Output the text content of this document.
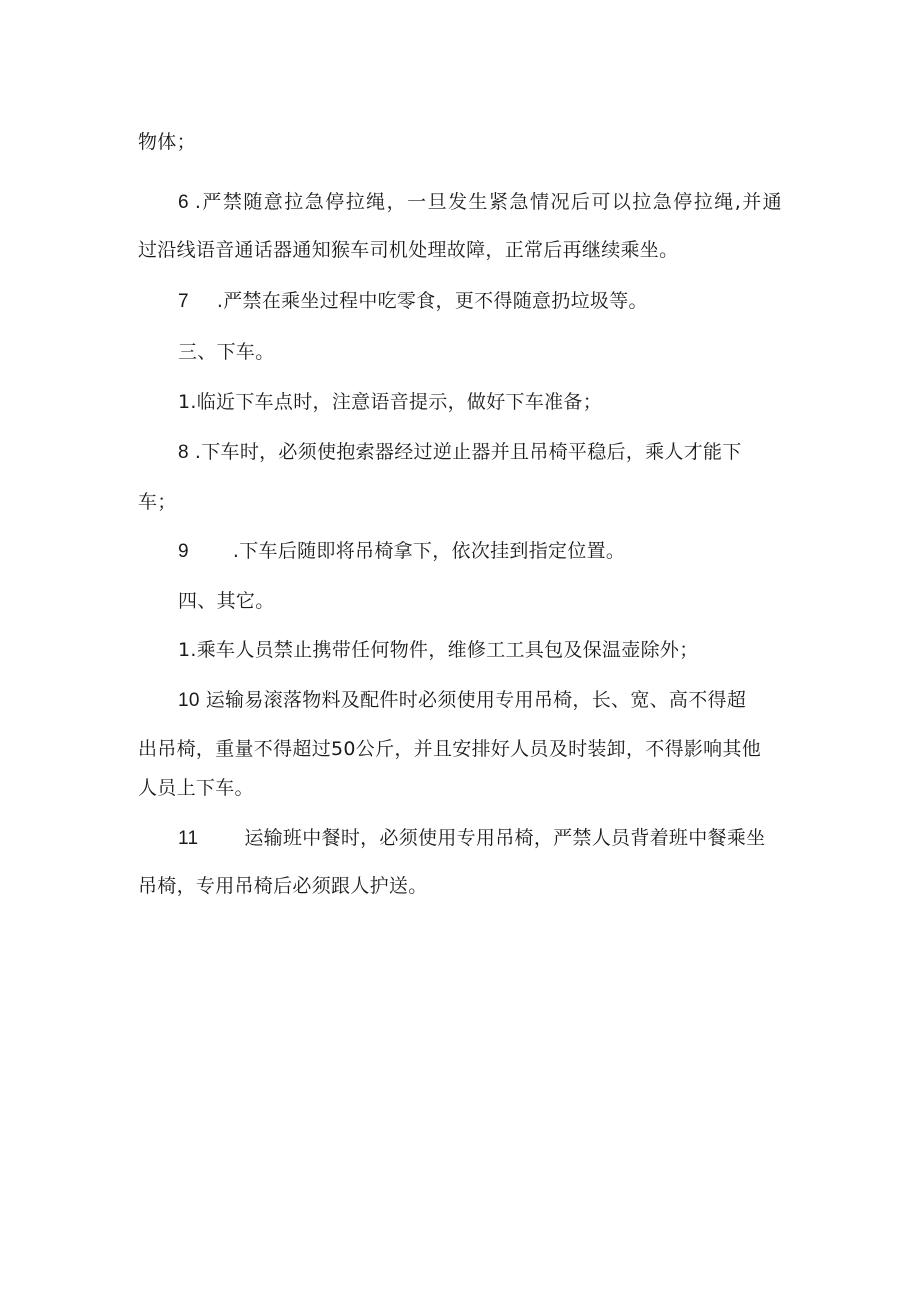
物体；
6 .严禁随意拉急停拉绳，一旦发生紧急情况后可以拉急停拉绳,并通
过沿线语音通话器通知猴车司机处理故障，正常后再继续乘坐。
7 .严禁在乘坐过程中吃零食，更不得随意扔垃圾等。
三、下车。
1.临近下车点时，注意语音提示，做好下车准备；
8 .下车时，必须使抱索器经过逆止器并且吊椅平稳后，乘人才能下
车；
9 .下车后随即将吊椅拿下，依次挂到指定位置。
四、其它。
1.乘车人员禁止携带任何物件，维修工工具包及保温壶除外；
10 运输易滚落物料及配件时必须使用专用吊椅，长、宽、高不得超
出吊椅，重量不得超过50公斤，并且安排好人员及时装卸，不得影响其他
人员上下车。
11 运输班中餐时，必须使用专用吊椅，严禁人员背着班中餐乘坐
吊椅，专用吊椅后必须跟人护送。
